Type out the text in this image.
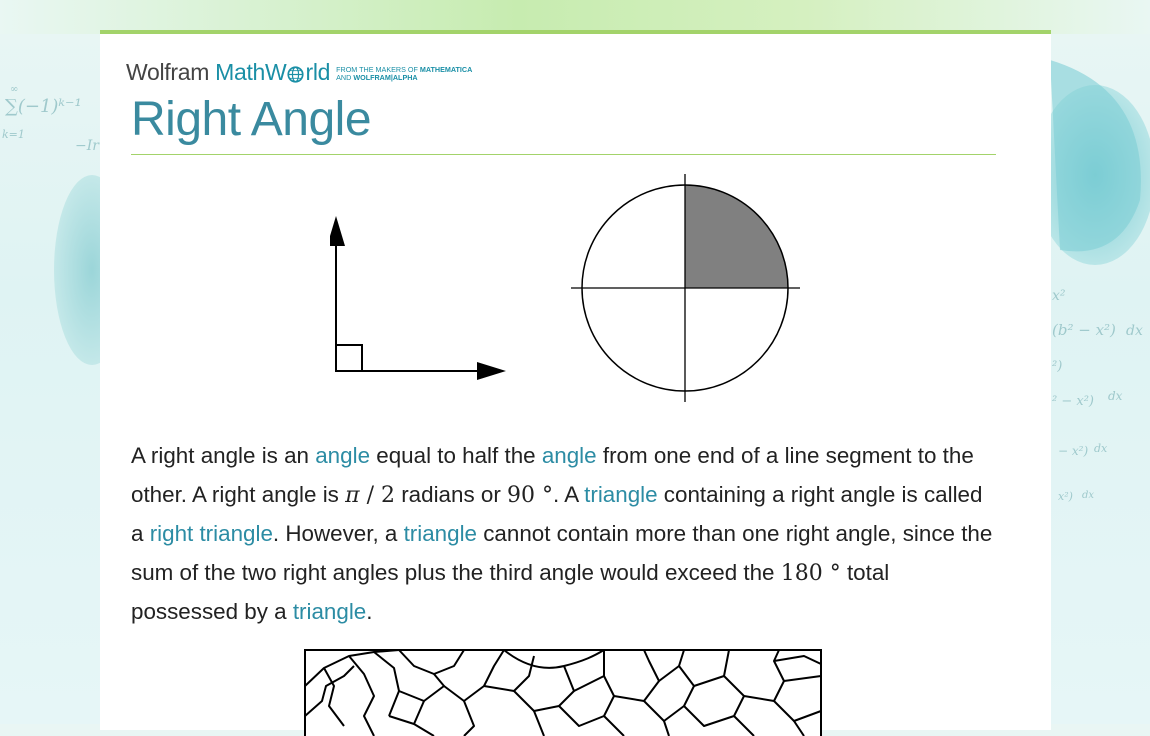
∑(−1)ᵏ⁻¹
k=1
∞
−Ir
x²
(b² − x²) dx
²)
² − x²) dx
− x²) dx
x²) dx
Wolfram Math W rld FROM THE MAKERS OF MATHEMATICA
AND WOLFRAM|ALPHA
Right Angle

A right angle is an angle equal to half the angle from one end of a line segment to the other. A right angle is π / 2 radians or 90 °. A triangle containing a right angle is called a right triangle. However, a triangle cannot contain more than one right angle, since the sum of the two right angles plus the third angle would exceed the 180 ° total possessed by a triangle.
